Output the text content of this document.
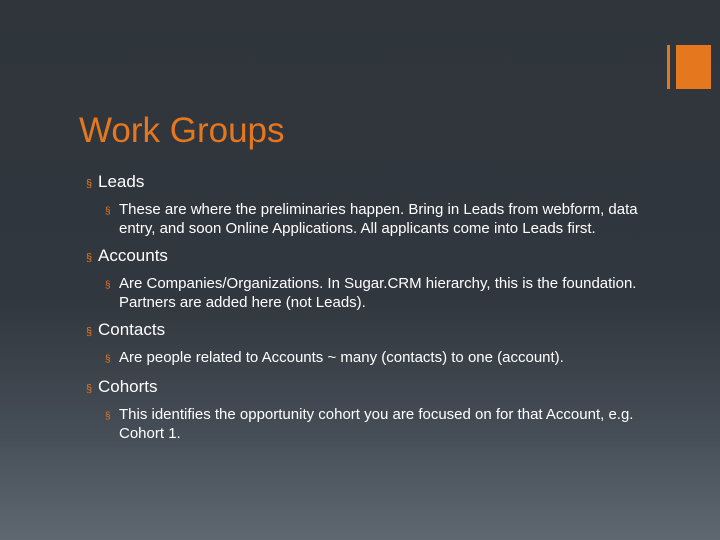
Work Groups
§ Leads
§ These are where the preliminaries happen. Bring in Leads from webform, data entry, and soon Online Applications. All applicants come into Leads first.
§ Accounts
§ Are Companies/Organizations. In Sugar.CRM hierarchy, this is the foundation. Partners are added here (not Leads).
§ Contacts
§ Are people related to Accounts ~ many (contacts) to one (account).
§ Cohorts
§ This identifies the opportunity cohort you are focused on for that Account, e.g. Cohort 1.
